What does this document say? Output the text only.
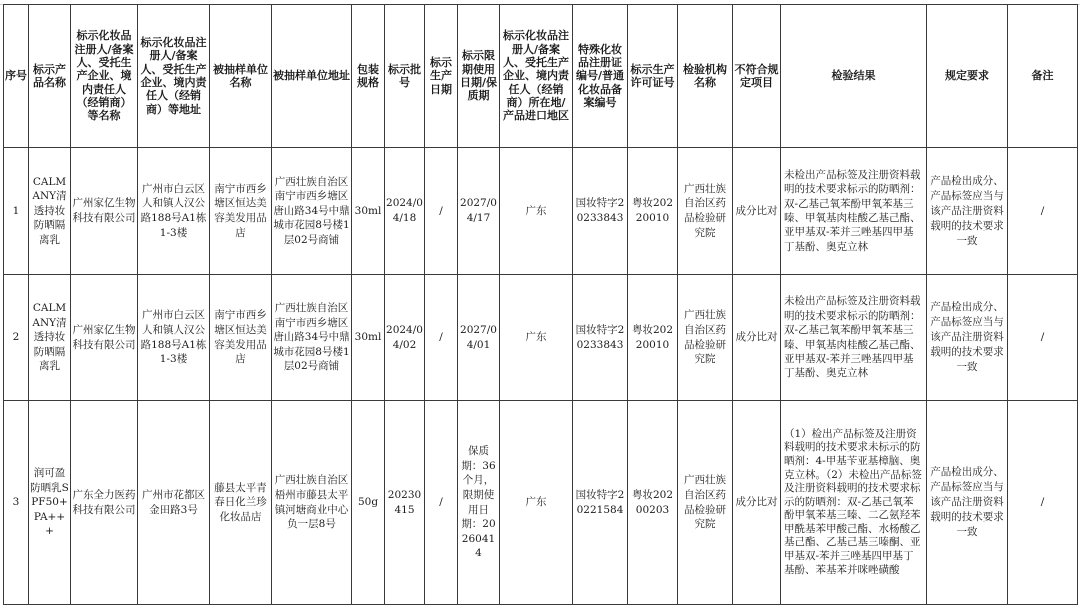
序号	标示产品名称	标示化妆品注册人/备案人、受托生产企业、境内责任人（经销商）等名称	标示化妆品注册人/备案人、受托生产企业、境内责任人（经销商）等地址	被抽样单位名称	被抽样单位地址	包装规格	标示批号	标示生产日期	标示限期使用日期/保质期	标示化妆品注册人/备案人、受托生产企业、境内责任人（经销商）所在地/产品进口地区	特殊化妆品注册证编号/普通化妆品备案编号	标示生产许可证号	检验机构名称	不符合规定项目	检验结果	规定要求	备注
1	CALMANY清透持妆防晒隔离乳	广州家亿生物科技有限公司	广州市白云区人和镇人汉公路188号A1栋1-3楼	南宁市西乡塘区恒达美容美发用品店	广西壮族自治区南宁市西乡塘区唐山路34号中鼎城市花园8号楼1层02号商铺	30ml	2024/04/18	/	2027/04/17	广东	国妆特字20233843	粤妆20220010	广西壮族自治区药品检验研究院	成分比对	未检出产品标签及注册资料载明的技术要求标示的防晒剂：双-乙基己氧苯酚甲氧苯基三嗪、甲氧基肉桂酸乙基己酯、亚甲基双-苯并三唑基四甲基丁基酚、奥克立林	产品检出成分、产品标签应当与该产品注册资料载明的技术要求一致	/
2	CALMANY清透持妆防晒隔离乳	广州家亿生物科技有限公司	广州市白云区人和镇人汉公路188号A1栋1-3楼	南宁市西乡塘区恒达美容美发用品店	广西壮族自治区南宁市西乡塘区唐山路34号中鼎城市花园8号楼1层02号商铺	30ml	2024/04/02	/	2027/04/01	广东	国妆特字20233843	粤妆20220010	广西壮族自治区药品检验研究院	成分比对	未检出产品标签及注册资料载明的技术要求标示的防晒剂：双-乙基己氧苯酚甲氧苯基三嗪、甲氧基肉桂酸乙基己酯、亚甲基双-苯并三唑基四甲基丁基酚、奥克立林	产品检出成分、产品标签应当与该产品注册资料载明的技术要求一致	/
3	润可盈防晒乳SPF50+PA+++	广东全力医药科技有限公司	广州市花都区金田路3号	藤县太平青春日化兰珍化妆品店	广西壮族自治区梧州市藤县太平镇河塘商业中心负一层8号	50g	20230415	/	保质期：36个月，限期使用日期：20260414	广东	国妆特字20221584	粤妆20200203	广西壮族自治区药品检验研究院	成分比对	（1）检出产品标签及注册资料载明的技术要求未标示的防晒剂：4-甲基苄亚基樟脑、奥克立林。（2）未检出产品标签及注册资料载明的技术要求标示的防晒剂：双-乙基己氧苯酚甲氧苯基三嗪、二乙氨羟苯甲酰基苯甲酸己酯、水杨酸乙基己酯、乙基己基三嗪酮、亚甲基双-苯并三唑基四甲基丁基酚、苯基苯并咪唑磺酸	产品检出成分、产品标签应当与该产品注册资料载明的技术要求一致	/
